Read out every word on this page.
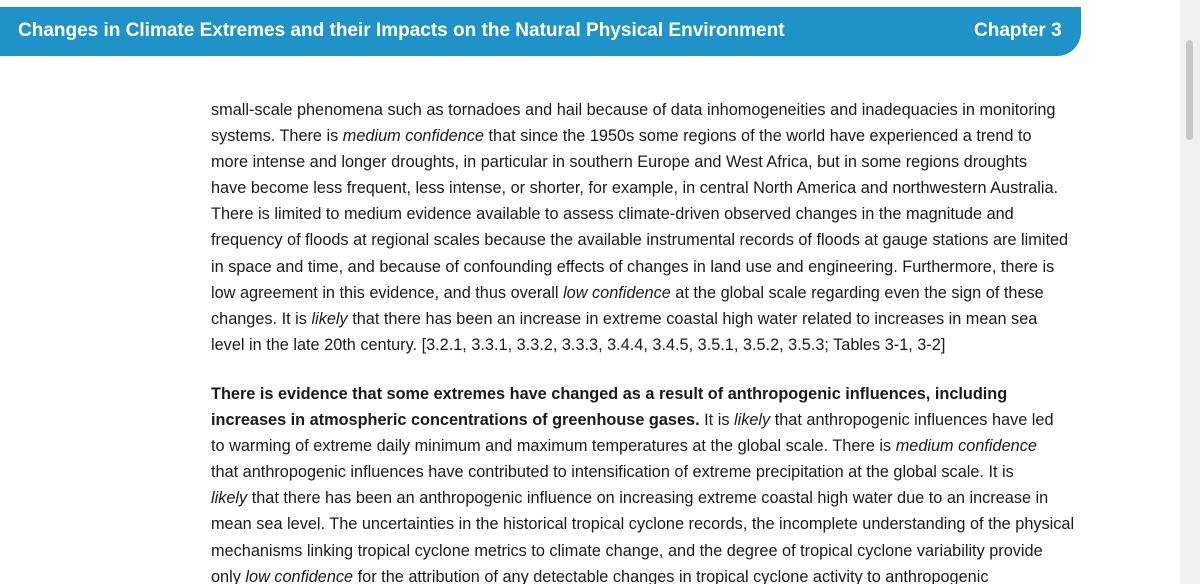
Changes in Climate Extremes and their Impacts on the Natural Physical Environment	Chapter 3
small-scale phenomena such as tornadoes and hail because of data inhomogeneities and inadequacies in monitoring
systems. There is medium confidence that since the 1950s some regions of the world have experienced a trend to
more intense and longer droughts, in particular in southern Europe and West Africa, but in some regions droughts
have become less frequent, less intense, or shorter, for example, in central North America and northwestern Australia.
There is limited to medium evidence available to assess climate-driven observed changes in the magnitude and
frequency of floods at regional scales because the available instrumental records of floods at gauge stations are limited
in space and time, and because of confounding effects of changes in land use and engineering. Furthermore, there is
low agreement in this evidence, and thus overall low confidence at the global scale regarding even the sign of these
changes. It is likely that there has been an increase in extreme coastal high water related to increases in mean sea
level in the late 20th century. [3.2.1, 3.3.1, 3.3.2, 3.3.3, 3.4.4, 3.4.5, 3.5.1, 3.5.2, 3.5.3; Tables 3-1, 3-2]
There is evidence that some extremes have changed as a result of anthropogenic influences, including
increases in atmospheric concentrations of greenhouse gases. It is likely that anthropogenic influences have led
to warming of extreme daily minimum and maximum temperatures at the global scale. There is medium confidence
that anthropogenic influences have contributed to intensification of extreme precipitation at the global scale. It is
likely that there has been an anthropogenic influence on increasing extreme coastal high water due to an increase in
mean sea level. The uncertainties in the historical tropical cyclone records, the incomplete understanding of the physical
mechanisms linking tropical cyclone metrics to climate change, and the degree of tropical cyclone variability provide
only low confidence for the attribution of any detectable changes in tropical cyclone activity to anthropogenic
